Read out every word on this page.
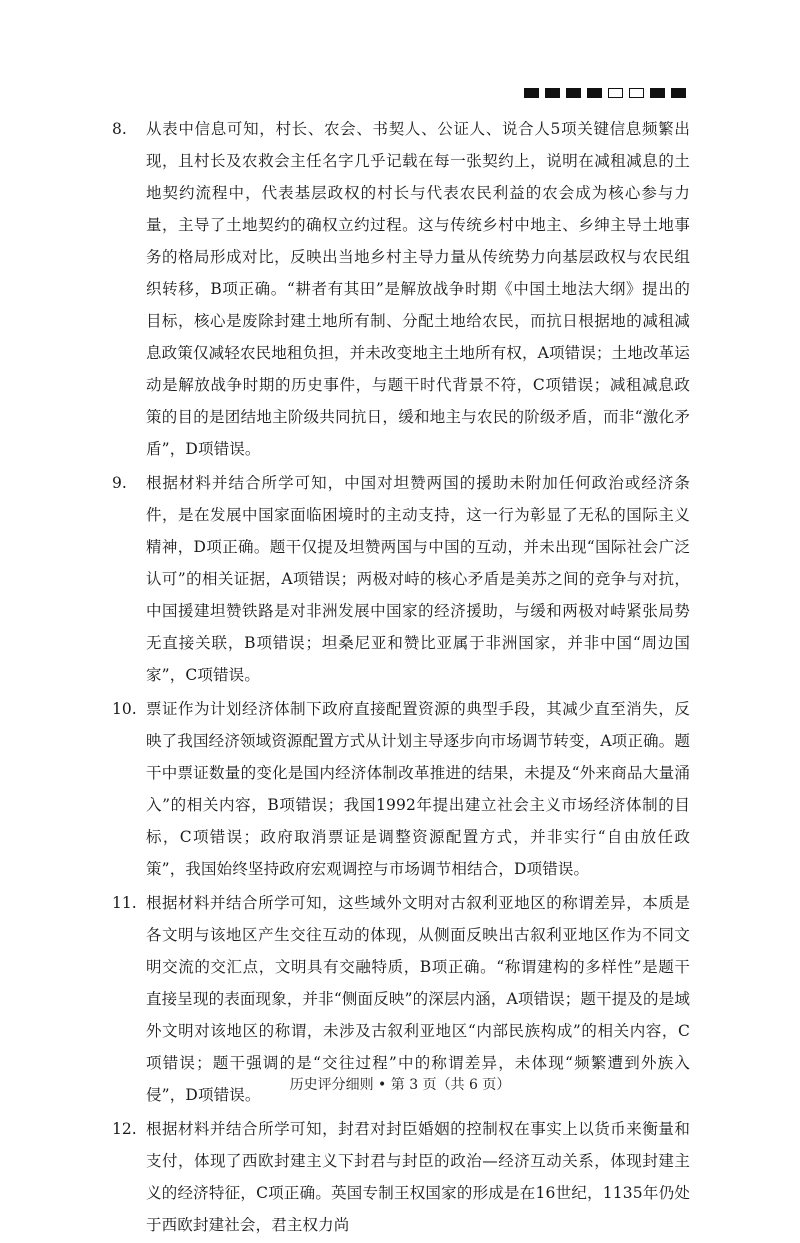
8.	从表中信息可知，村长、农会、书契人、公证人、说合人5项关键信息频繁出现，且村长及农救会主任名字几乎记载在每一张契约上，说明在减租减息的土地契约流程中，代表基层政权的村长与代表农民利益的农会成为核心参与力量，主导了土地契约的确权立约过程。这与传统乡村中地主、乡绅主导土地事务的格局形成对比，反映出当地乡村主导力量从传统势力向基层政权与农民组织转移，B项正确。“耕者有其田”是解放战争时期《中国土地法大纲》提出的目标，核心是废除封建土地所有制、分配土地给农民，而抗日根据地的减租减息政策仅减轻农民地租负担，并未改变地主土地所有权，A项错误；土地改革运动是解放战争时期的历史事件，与题干时代背景不符，C项错误；减租减息政策的目的是团结地主阶级共同抗日，缓和地主与农民的阶级矛盾，而非“激化矛盾”，D项错误。

9.	根据材料并结合所学可知，中国对坦赞两国的援助未附加任何政治或经济条件，是在发展中国家面临困境时的主动支持，这一行为彰显了无私的国际主义精神，D项正确。题干仅提及坦赞两国与中国的互动，并未出现“国际社会广泛认可”的相关证据，A项错误；两极对峙的核心矛盾是美苏之间的竞争与对抗，中国援建坦赞铁路是对非洲发展中国家的经济援助，与缓和两极对峙紧张局势无直接关联，B项错误；坦桑尼亚和赞比亚属于非洲国家，并非中国“周边国家”，C项错误。

10. 票证作为计划经济体制下政府直接配置资源的典型手段，其减少直至消失，反映了我国经济领域资源配置方式从计划主导逐步向市场调节转变，A项正确。题干中票证数量的变化是国内经济体制改革推进的结果，未提及“外来商品大量涌入”的相关内容，B项错误；我国1992年提出建立社会主义市场经济体制的目标，C项错误；政府取消票证是调整资源配置方式，并非实行“自由放任政策”，我国始终坚持政府宏观调控与市场调节相结合，D项错误。

11. 根据材料并结合所学可知，这些域外文明对古叙利亚地区的称谓差异，本质是各文明与该地区产生交往互动的体现，从侧面反映出古叙利亚地区作为不同文明交流的交汇点，文明具有交融特质，B项正确。“称谓建构的多样性”是题干直接呈现的表面现象，并非“侧面反映”的深层内涵，A项错误；题干提及的是域外文明对该地区的称谓，未涉及古叙利亚地区“内部民族构成”的相关内容，C项错误；题干强调的是“交往过程”中的称谓差异，未体现“频繁遭到外族入侵”，D项错误。

12. 根据材料并结合所学可知，封君对封臣婚姻的控制权在事实上以货币来衡量和支付，体现了西欧封建主义下封君与封臣的政治—经济互动关系，体现封建主义的经济特征，C项正确。英国专制王权国家的形成是在16世纪，1135年仍处于西欧封建社会，君主权力尚

历史评分细则 • 第 3 页（共 6 页）
